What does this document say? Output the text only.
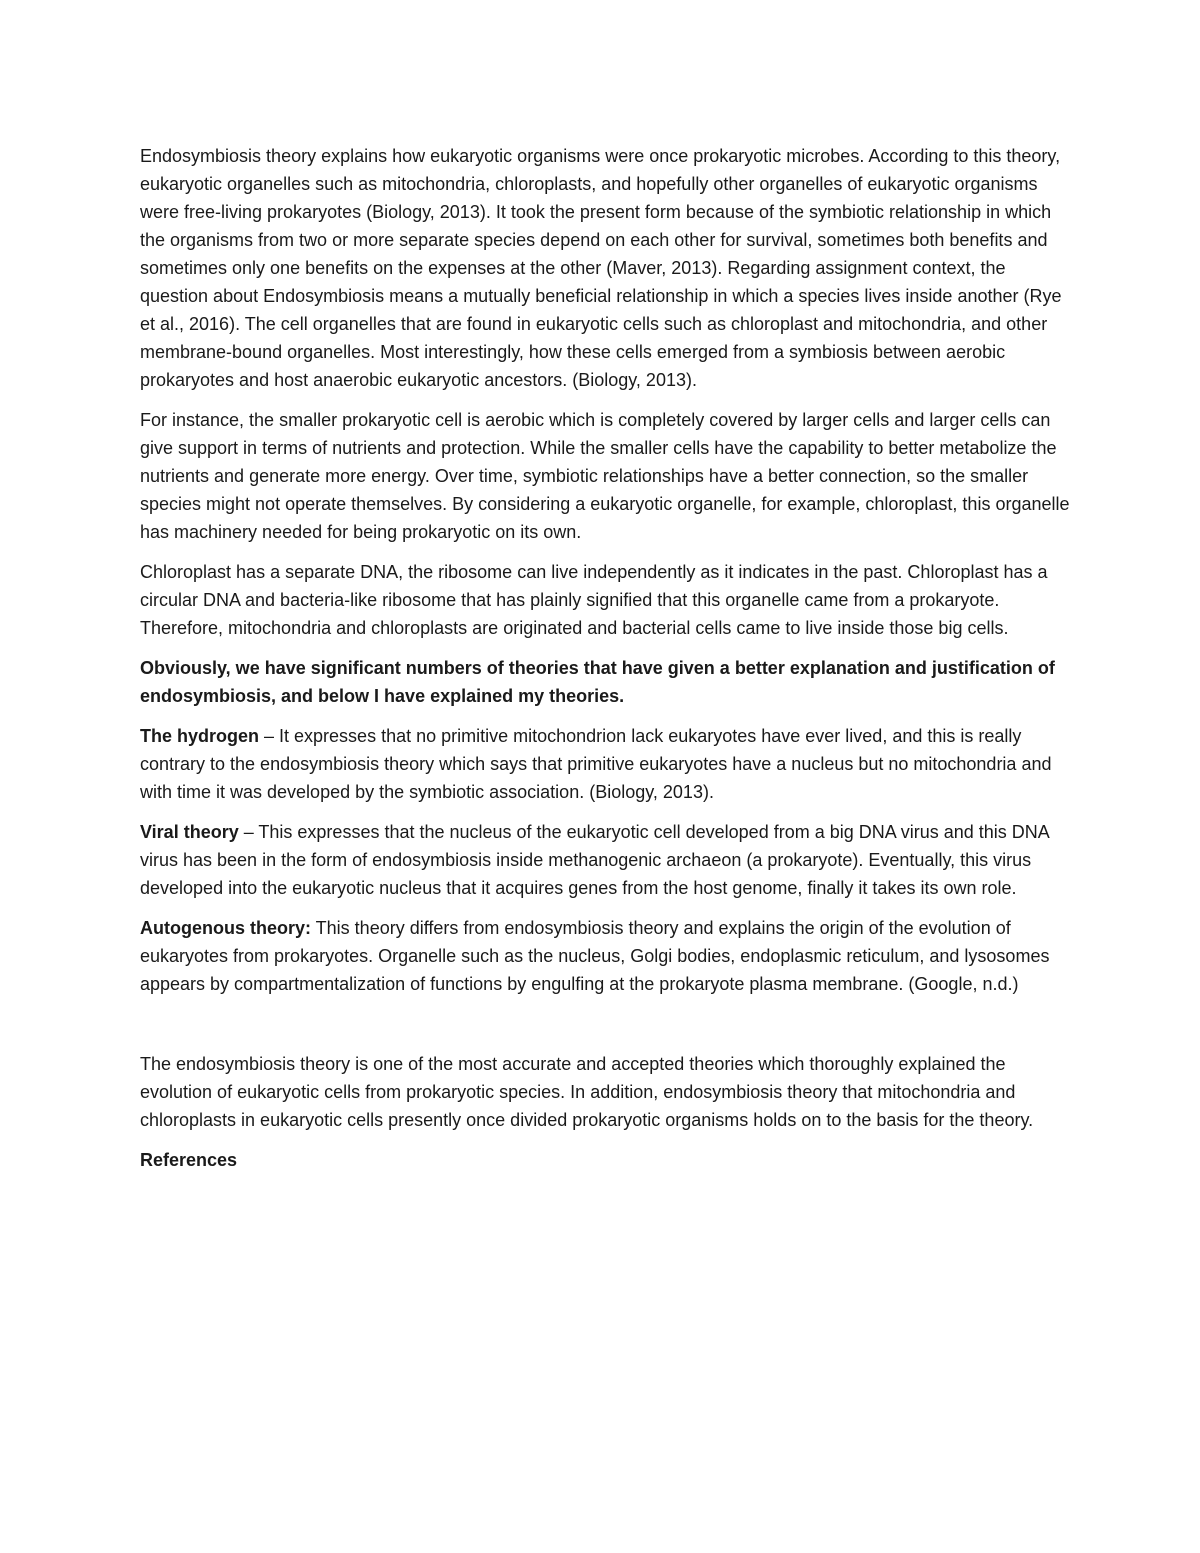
Endosymbiosis theory explains how eukaryotic organisms were once prokaryotic microbes. According to this theory, eukaryotic organelles such as mitochondria, chloroplasts, and hopefully other organelles of eukaryotic organisms were free-living prokaryotes (Biology, 2013). It took the present form because of the symbiotic relationship in which the organisms from two or more separate species depend on each other for survival, sometimes both benefits and sometimes only one benefits on the expenses at the other (Maver, 2013). Regarding assignment context, the question about Endosymbiosis means a mutually beneficial relationship in which a species lives inside another (Rye et al., 2016). The cell organelles that are found in eukaryotic cells such as chloroplast and mitochondria, and other membrane-bound organelles. Most interestingly, how these cells emerged from a symbiosis between aerobic prokaryotes and host anaerobic eukaryotic ancestors. (Biology, 2013).

For instance, the smaller prokaryotic cell is aerobic which is completely covered by larger cells and larger cells can give support in terms of nutrients and protection. While the smaller cells have the capability to better metabolize the nutrients and generate more energy. Over time, symbiotic relationships have a better connection, so the smaller species might not operate themselves. By considering a eukaryotic organelle, for example, chloroplast, this organelle has machinery needed for being prokaryotic on its own.

Chloroplast has a separate DNA, the ribosome can live independently as it indicates in the past. Chloroplast has a circular DNA and bacteria-like ribosome that has plainly signified that this organelle came from a prokaryote. Therefore, mitochondria and chloroplasts are originated and bacterial cells came to live inside those big cells.

Obviously, we have significant numbers of theories that have given a better explanation and justification of endosymbiosis, and below I have explained my theories.

The hydrogen – It expresses that no primitive mitochondrion lack eukaryotes have ever lived, and this is really contrary to the endosymbiosis theory which says that primitive eukaryotes have a nucleus but no mitochondria and with time it was developed by the symbiotic association. (Biology, 2013).

Viral theory – This expresses that the nucleus of the eukaryotic cell developed from a big DNA virus and this DNA virus has been in the form of endosymbiosis inside methanogenic archaeon (a prokaryote). Eventually, this virus developed into the eukaryotic nucleus that it acquires genes from the host genome, finally it takes its own role.

Autogenous theory: This theory differs from endosymbiosis theory and explains the origin of the evolution of eukaryotes from prokaryotes. Organelle such as the nucleus, Golgi bodies, endoplasmic reticulum, and lysosomes appears by compartmentalization of functions by engulfing at the prokaryote plasma membrane. (Google, n.d.)

The endosymbiosis theory is one of the most accurate and accepted theories which thoroughly explained the evolution of eukaryotic cells from prokaryotic species. In addition, endosymbiosis theory that mitochondria and chloroplasts in eukaryotic cells presently once divided prokaryotic organisms holds on to the basis for the theory.

References
